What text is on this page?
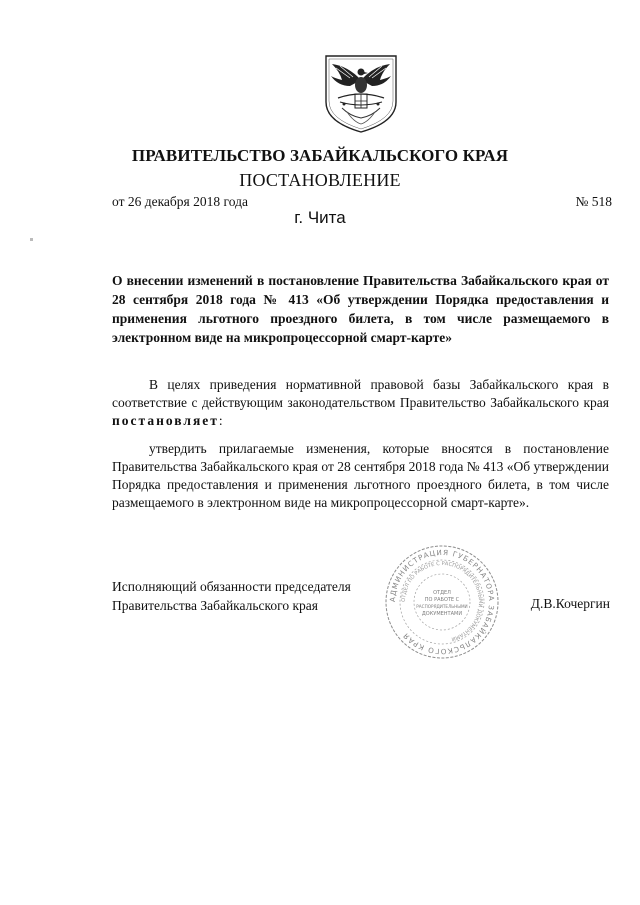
ПРАВИТЕЛЬСТВО ЗАБАЙКАЛЬСКОГО КРАЯ
ПОСТАНОВЛЕНИЕ
от 26 декабря 2018 года	№ 518
г. Чита
О внесении изменений в постановление Правительства Забайкальского края от 28 сентября 2018 года № 413 «Об утверждении Порядка предоставления и применения льготного проездного билета, в том числе размещаемого в электронном виде на микропроцессорной смарт-карте»
В целях приведения нормативной правовой базы Забайкальского края в соответствие с действующим законодательством Правительство Забайкальского края постановляет:
утвердить прилагаемые изменения, которые вносятся в постановление Правительства Забайкальского края от 28 сентября 2018 года № 413 «Об утверждении Порядка предоставления и применения льготного проездного билета, в том числе размещаемого в электронном виде на микропроцессорной смарт-карте».
Исполняющий обязанности председателя
Правительства Забайкальского края	Д.В.Кочергин
АДМИНИСТРАЦИЯ ГУБЕРНАТОРА ЗАБАЙКАЛЬСКОГО КРАЯ
ОТДЕЛ ПО РАБОТЕ С РАСПОРЯДИТЕЛЬНЫМИ ДОКУМЕНТАМИ
ОТДЕЛ
ПО РАБОТЕ С
РАСПОРЯДИТЕЛЬНЫМИ
ДОКУМЕНТАМИ
